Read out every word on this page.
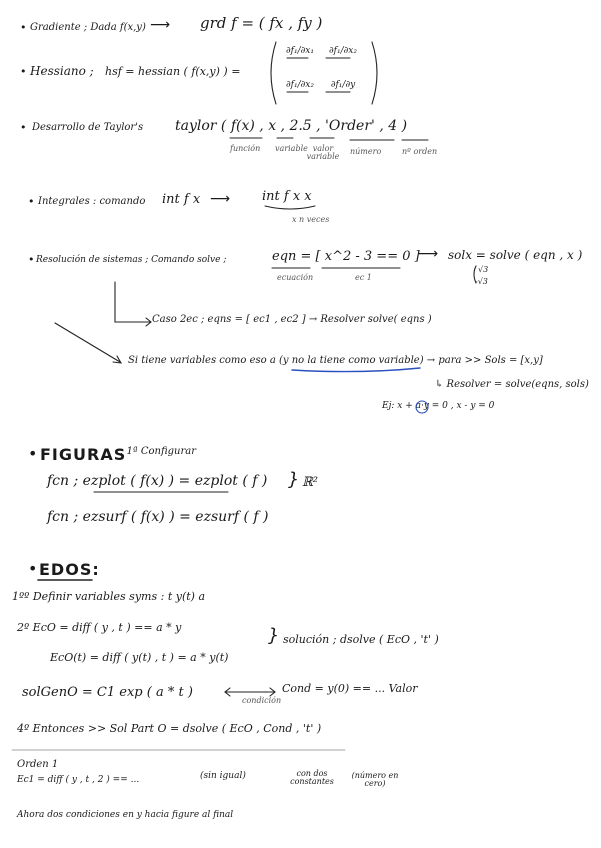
• Gradiente ; Dada f(x,y) ⟶ grd f = ( fx , fy )
• Hessiano ; hsf = hessian ( f(x,y) ) =
∂f₁/∂x₁	∂f₁/∂x₂
∂f₁/∂x₂	∂f₁/∂y
• Desarrollo de Taylor's taylor ( f(x) , x , 2.5 , 'Order' , 4 )
función variable valor variable
número	nº orden
• Integrales : comando int f x ⟶ int f x x
x n veces
• Resolución de sistemas ; Comando solve ;	eqn = [ x^2 - 3 == 0 ]
ecuación	ec 1
⟶ solx = solve ( eqn , x )
√3
-√3
Caso 2ec ; eqns = [ ec1 , ec2 ] → Resolver solve( eqns )
Si tiene variables como eso a (y no la tiene como variable) → para >> Sols = [x,y]
↳ Resolver = solve(eqns, sols)
Ej: x + a·y = 0 , x - y = 0
• FIGURAS
; 1ª Configurar
fcn ; ezplot ( f(x) ) = ezplot ( f ) } ℝ²
fcn ; ezsurf ( f(x) ) = ezsurf ( f )
• EDOS:
1ºº Definir variables syms : t y(t) a
2º EcO = diff ( y , t ) == a * y	} solución ; dsolve ( EcO , 't' )
EcO(t) = diff ( y(t) , t ) = a * y(t)
solGenO = C1 exp ( a * t )
condición
Cond = y(0) == ... Valor
4º Entonces >> Sol Part O = dsolve ( EcO , Cond , 't' )
Orden 1
Ec1 = diff ( y , t , 2 ) == ...	(sin igual)	con dos constantes
(número en cero)
Ahora dos condiciones en y hacia figure al final
